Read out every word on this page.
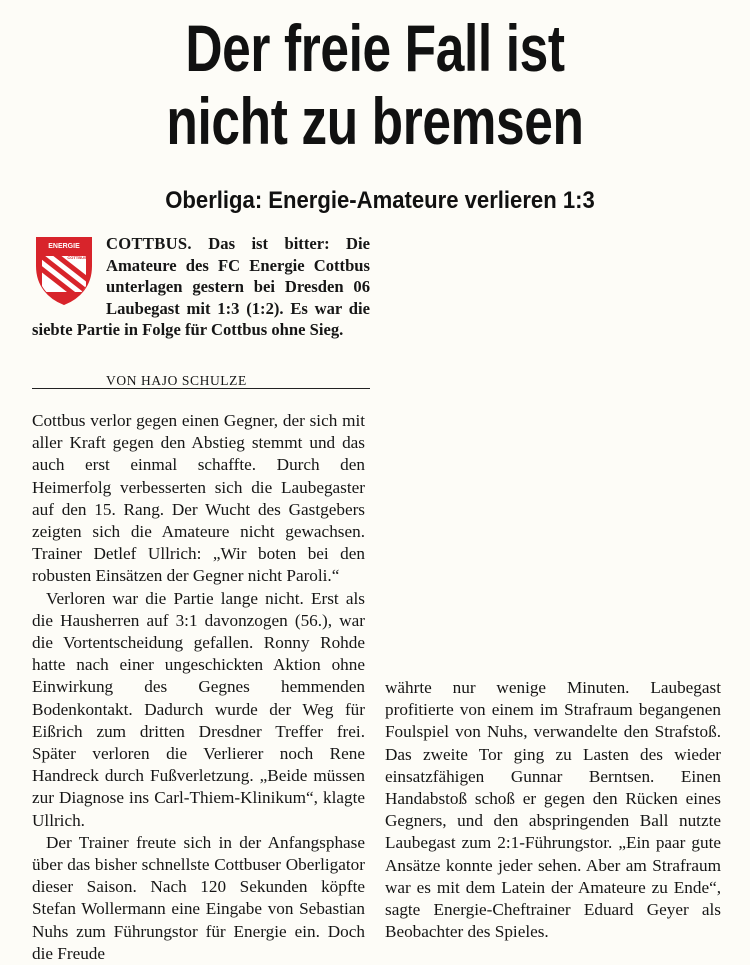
Der freie Fall ist
nicht zu bremsen
Oberliga: Energie-Amateure verlieren 1:3
ENERGIE
COTTBUS
COTTBUS. Das ist bitter: Die Amateure des FC Energie Cottbus unterlagen gestern bei Dresden 06 Laubegast mit 1:3 (1:2). Es war die siebte Partie in Folge für Cottbus ohne Sieg.
VON HAJO SCHULZE

Cottbus verlor gegen einen Gegner, der sich mit aller Kraft gegen den Abstieg stemmt und das auch erst einmal schaffte. Durch den Heimerfolg verbesserten sich die Laubegaster auf den 15. Rang. Der Wucht des Gastgebers zeigten sich die Amateure nicht gewachsen. Trainer Detlef Ullrich: „Wir boten bei den robusten Einsätzen der Gegner nicht Paroli.“

Verloren war die Partie lange nicht. Erst als die Hausherren auf 3:1 davonzogen (56.), war die Vortentscheidung gefallen. Ronny Rohde hatte nach einer ungeschickten Aktion ohne Einwirkung des Gegnes hemmenden Bodenkontakt. Dadurch wurde der Weg für Eißrich zum dritten Dresdner Treffer frei. Später verloren die Verlierer noch Rene Handreck durch Fußverletzung. „Beide müssen zur Diagnose ins Carl-Thiem-Klinikum“, klagte Ullrich.

Der Trainer freute sich in der Anfangsphase über das bisher schnellste Cottbuser Oberligator dieser Saison. Nach 120 Sekunden köpfte Stefan Wollermann eine Eingabe von Sebastian Nuhs zum Führungstor für Energie ein. Doch die Freude

währte nur wenige Minuten. Laubegast profitierte von einem im Strafraum begangenen Foulspiel von Nuhs, verwandelte den Strafstoß. Das zweite Tor ging zu Lasten des wieder einsatzfähigen Gunnar Berntsen. Einen Handabstoß schoß er gegen den Rücken eines Gegners, und den abspringenden Ball nutzte Laubegast zum 2:1-Führungstor. „Ein paar gute Ansätze konnte jeder sehen. Aber am Strafraum war es mit dem Latein der Amateure zu Ende“, sagte Energie-Cheftrainer Eduard Geyer als Beobachter des Spieles.
